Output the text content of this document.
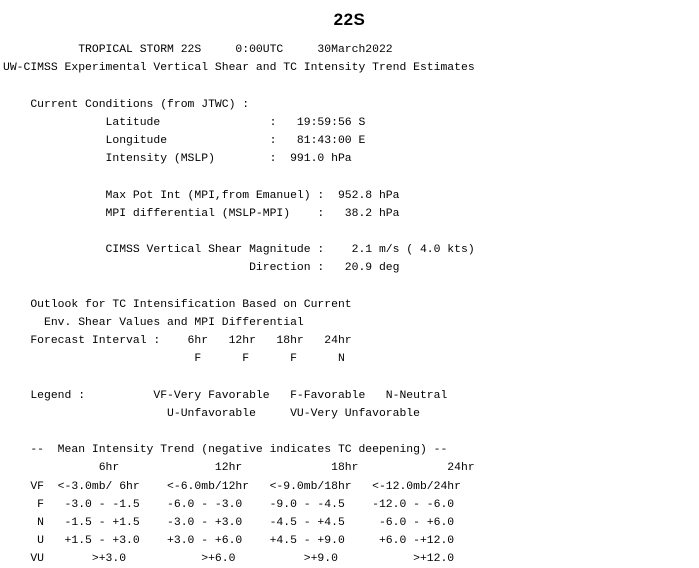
22S
TROPICAL STORM 22S     0:00UTC     30March2022
UW-CIMSS Experimental Vertical Shear and TC Intensity Trend Estimates
Current Conditions (from JTWC) :
Latitude                :   19:59:56 S
Longitude               :   81:43:00 E
Intensity (MSLP)        :  991.0 hPa
Max Pot Int (MPI,from Emanuel) :  952.8 hPa
MPI differential (MSLP-MPI)    :   38.2 hPa
CIMSS Vertical Shear Magnitude :    2.1 m/s ( 4.0 kts)
Direction :   20.9 deg
Outlook for TC Intensification Based on Current
Env. Shear Values and MPI Differential
Forecast Interval :    6hr   12hr   18hr   24hr
F      F      F      N
Legend :          VF-Very Favorable   F-Favorable   N-Neutral
U-Unfavorable     VU-Very Unfavorable
--  Mean Intensity Trend (negative indicates TC deepening) --
6hr              12hr             18hr             24hr
VF  <-3.0mb/ 6hr    <-6.0mb/12hr   <-9.0mb/18hr   <-12.0mb/24hr
F   -3.0 - -1.5    -6.0 - -3.0    -9.0 - -4.5    -12.0 - -6.0
N   -1.5 - +1.5    -3.0 - +3.0    -4.5 - +4.5     -6.0 - +6.0
U   +1.5 - +3.0    +3.0 - +6.0    +4.5 - +9.0     +6.0 -+12.0
VU       >+3.0           >+6.0          >+9.0           >+12.0
